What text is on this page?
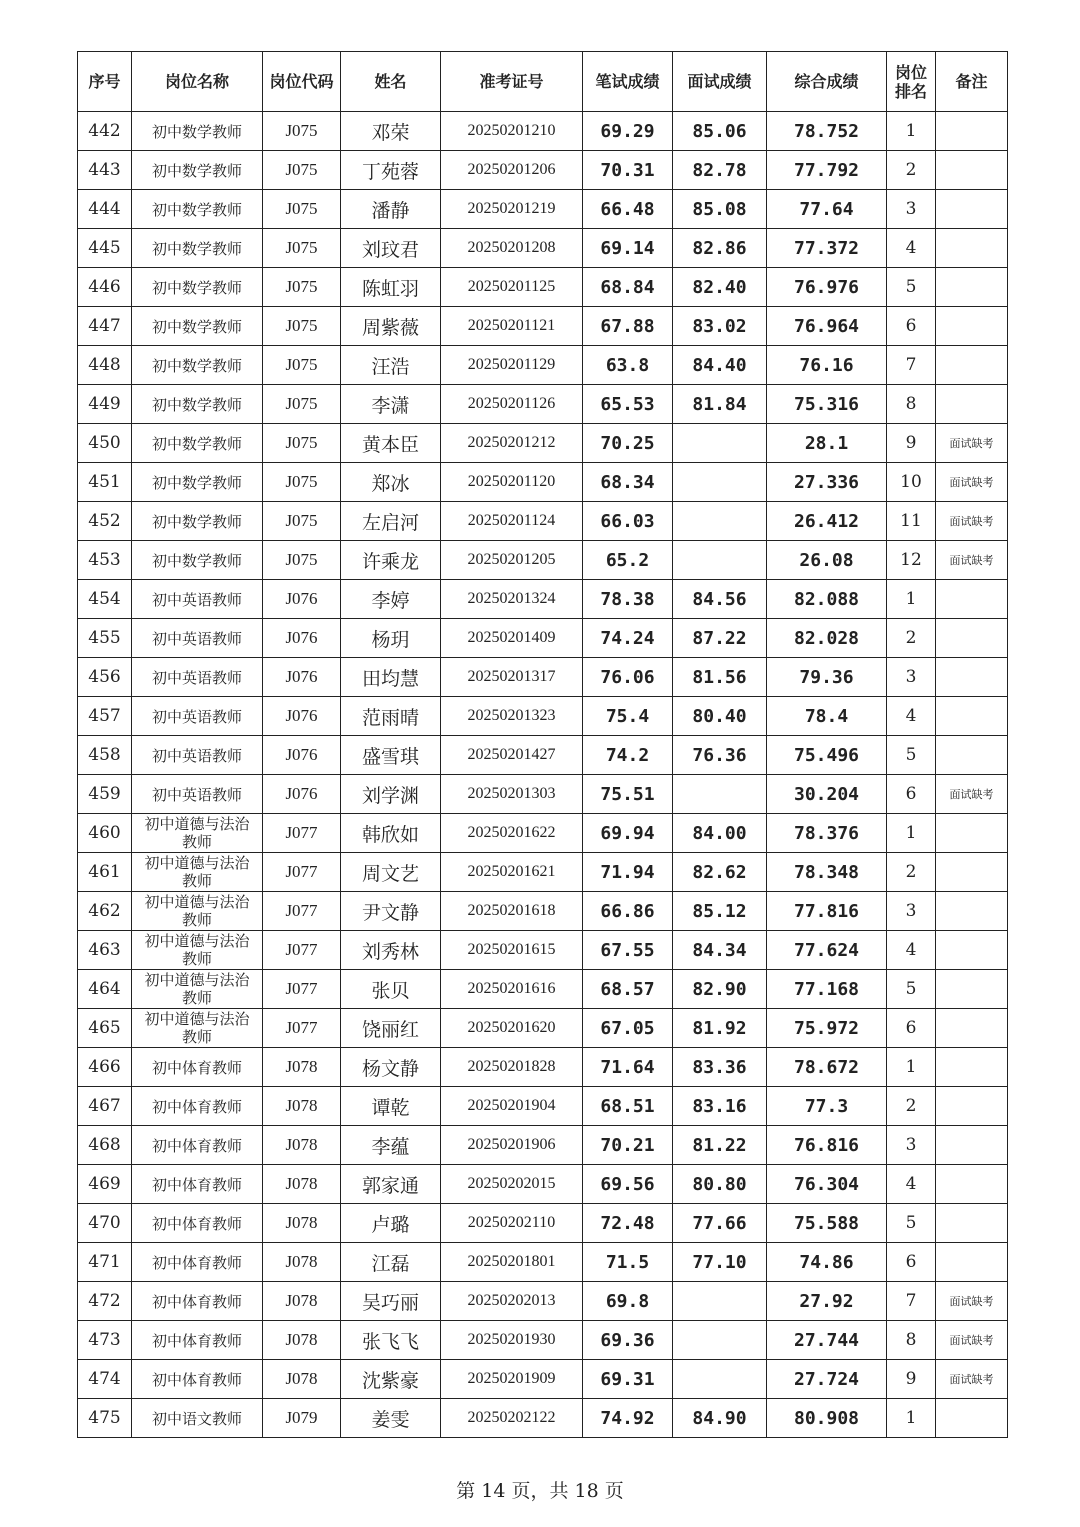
序号	岗位名称	岗位代码	姓名	准考证号	笔试成绩	面试成绩	综合成绩	岗位排名	备注
442	初中数学教师	J075	邓荣	20250201210	69.29	85.06	78.752	1	
443	初中数学教师	J075	丁苑蓉	20250201206	70.31	82.78	77.792	2	
444	初中数学教师	J075	潘静	20250201219	66.48	85.08	77.64	3	
445	初中数学教师	J075	刘玟君	20250201208	69.14	82.86	77.372	4	
446	初中数学教师	J075	陈虹羽	20250201125	68.84	82.40	76.976	5	
447	初中数学教师	J075	周紫薇	20250201121	67.88	83.02	76.964	6	
448	初中数学教师	J075	汪浩	20250201129	63.8	84.40	76.16	7	
449	初中数学教师	J075	李潇	20250201126	65.53	81.84	75.316	8	
450	初中数学教师	J075	黄本臣	20250201212	70.25		28.1	9	面试缺考
451	初中数学教师	J075	郑冰	20250201120	68.34		27.336	10	面试缺考
452	初中数学教师	J075	左启河	20250201124	66.03		26.412	11	面试缺考
453	初中数学教师	J075	许乘龙	20250201205	65.2		26.08	12	面试缺考
454	初中英语教师	J076	李婷	20250201324	78.38	84.56	82.088	1	
455	初中英语教师	J076	杨玥	20250201409	74.24	87.22	82.028	2	
456	初中英语教师	J076	田均慧	20250201317	76.06	81.56	79.36	3	
457	初中英语教师	J076	范雨晴	20250201323	75.4	80.40	78.4	4	
458	初中英语教师	J076	盛雪琪	20250201427	74.2	76.36	75.496	5	
459	初中英语教师	J076	刘学渊	20250201303	75.51		30.204	6	面试缺考
460	初中道德与法治教师	J077	韩欣如	20250201622	69.94	84.00	78.376	1	
461	初中道德与法治教师	J077	周文艺	20250201621	71.94	82.62	78.348	2	
462	初中道德与法治教师	J077	尹文静	20250201618	66.86	85.12	77.816	3	
463	初中道德与法治教师	J077	刘秀林	20250201615	67.55	84.34	77.624	4	
464	初中道德与法治教师	J077	张贝	20250201616	68.57	82.90	77.168	5	
465	初中道德与法治教师	J077	饶丽红	20250201620	67.05	81.92	75.972	6	
466	初中体育教师	J078	杨文静	20250201828	71.64	83.36	78.672	1	
467	初中体育教师	J078	谭乾	20250201904	68.51	83.16	77.3	2	
468	初中体育教师	J078	李蕴	20250201906	70.21	81.22	76.816	3	
469	初中体育教师	J078	郭家通	20250202015	69.56	80.80	76.304	4	
470	初中体育教师	J078	卢璐	20250202110	72.48	77.66	75.588	5	
471	初中体育教师	J078	江磊	20250201801	71.5	77.10	74.86	6	
472	初中体育教师	J078	吴巧丽	20250202013	69.8		27.92	7	面试缺考
473	初中体育教师	J078	张飞飞	20250201930	69.36		27.744	8	面试缺考
474	初中体育教师	J078	沈紫豪	20250201909	69.31		27.724	9	面试缺考
475	初中语文教师	J079	姜雯	20250202122	74.92	84.90	80.908	1	
第 14 页，共 18 页
